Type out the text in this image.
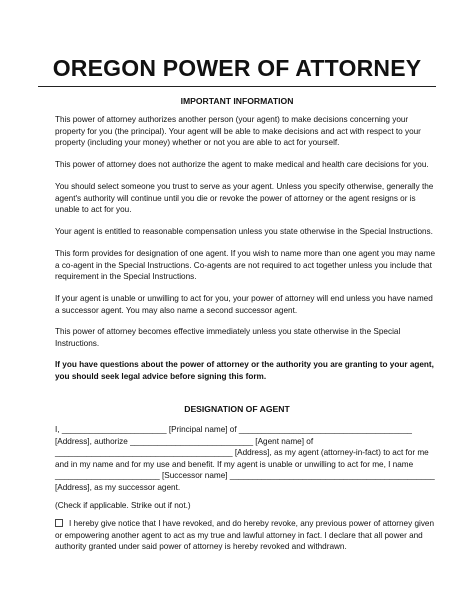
OREGON POWER OF ATTORNEY
IMPORTANT INFORMATION
This power of attorney authorizes another person (your agent) to make decisions concerning your
property for you (the principal). Your agent will be able to make decisions and act with respect to your
property (including your money) whether or not you are able to act for yourself.
This power of attorney does not authorize the agent to make medical and health care decisions for you.
You should select someone you trust to serve as your agent. Unless you specify otherwise, generally the
agent's authority will continue until you die or revoke the power of attorney or the agent resigns or is
unable to act for you.
Your agent is entitled to reasonable compensation unless you state otherwise in the Special Instructions.
This form provides for designation of one agent. If you wish to name more than one agent you may name
a co-agent in the Special Instructions. Co-agents are not required to act together unless you include that
requirement in the Special Instructions.
If your agent is unable or unwilling to act for you, your power of attorney will end unless you have named
a successor agent. You may also name a second successor agent.
This power of attorney becomes effective immediately unless you state otherwise in the Special
Instructions.
If you have questions about the power of attorney or the authority you are granting to your agent,
you should seek legal advice before signing this form.
DESIGNATION OF AGENT
I, _______________________ [Principal name] of ______________________________________
[Address], authorize ___________________________ [Agent name] of
_______________________________________ [Address], as my agent (attorney-in-fact) to act for me
and in my name and for my use and benefit. If my agent is unable or unwilling to act for me, I name
_______________________ [Successor name] _____________________________________________
[Address], as my successor agent.
(Check if applicable. Strike out if not.)
I hereby give notice that I have revoked, and do hereby revoke, any previous power of attorney given
or empowering another agent to act as my true and lawful attorney in fact. I declare that all power and
authority granted under said power of attorney is hereby revoked and withdrawn.
